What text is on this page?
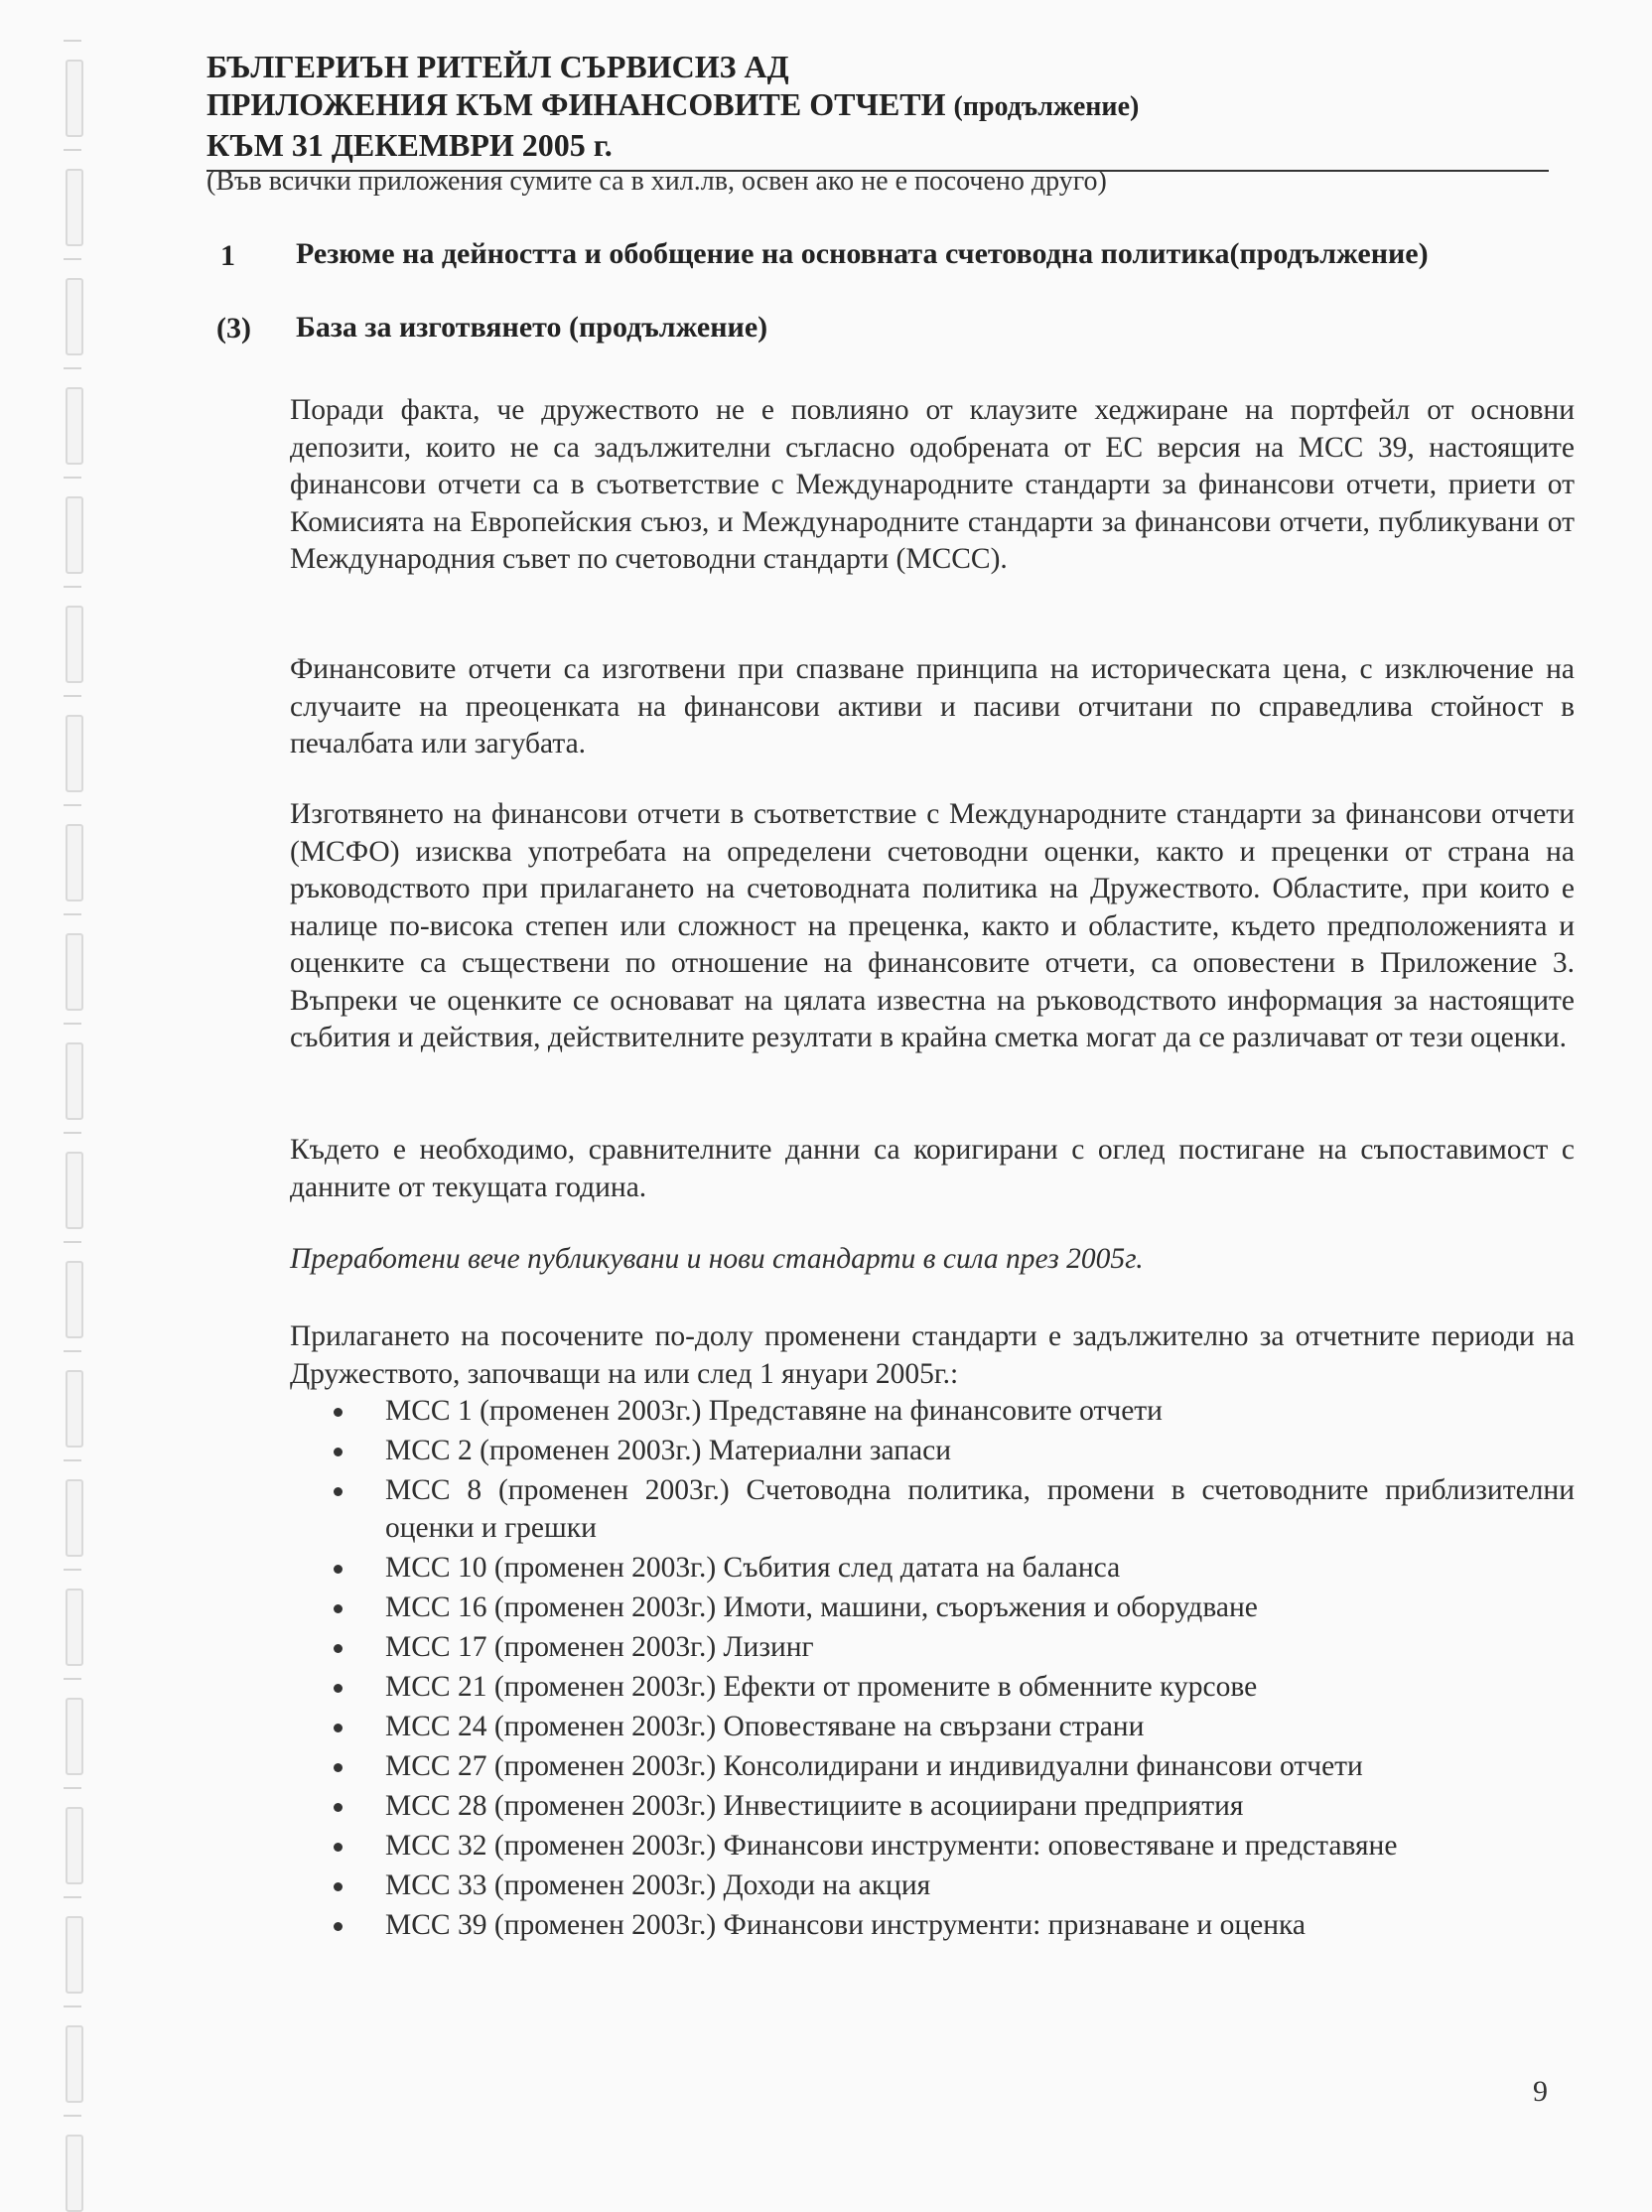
БЪЛГЕРИЪН РИТЕЙЛ СЪРВИСИЗ АД
ПРИЛОЖЕНИЯ КЪМ ФИНАНСОВИТЕ ОТЧЕТИ (продължение)
КЪМ 31 ДЕКЕМВРИ 2005 г.
(Във всички приложения сумите са в хил.лв, освен ако не е посочено друго)
1 Резюме на дейността и обобщение на основната счетоводна политика(продължение)
(3) База за изготвянето (продължение)
Поради факта, че дружеството не е повлияно от клаузите хеджиране на портфейл от основни депозити, които не са задължителни съгласно одобрената от ЕС версия на МСС 39, настоящите финансови отчети са в съответствие с Международните стандарти за финансови отчети, приети от Комисията на Европейския съюз, и Международните стандарти за финансови отчети, публикувани от Международния съвет по счетоводни стандарти (МССС).
Финансовите отчети са изготвени при спазване принципа на историческата цена, с изключение на случаите на преоценката на финансови активи и пасиви отчитани по справедлива стойност в печалбата или загубата.
Изготвянето на финансови отчети в съответствие с Международните стандарти за финансови отчети (МСФО) изисква употребата на определени счетоводни оценки, както и преценки от страна на ръководството при прилагането на счетоводната политика на Дружеството. Областите, при които е налице по-висока степен или сложност на преценка, както и областите, където предположенията и оценките са съществени по отношение на финансовите отчети, са оповестени в Приложение 3. Въпреки че оценките се основават на цялата известна на ръководството информация за настоящите събития и действия, действителните резултати в крайна сметка могат да се различават от тези оценки.
Където е необходимо, сравнителните данни са коригирани с оглед постигане на съпоставимост с данните от текущата година.
Преработени вече публикувани и нови стандарти в сила през 2005г.
Прилагането на посочените по-долу променени стандарти е задължително за отчетните периоди на Дружеството, започващи на или след 1 януари 2005г.:
МСС 1 (променен 2003г.) Представяне на финансовите отчети
МСС 2 (променен 2003г.) Материални запаси
МСС 8 (променен 2003г.) Счетоводна политика, промени в счетоводните приблизителни оценки и грешки
МСС 10 (променен 2003г.) Събития след датата на баланса
МСС 16 (променен 2003г.) Имоти, машини, съоръжения и оборудване
МСС 17 (променен 2003г.) Лизинг
МСС 21 (променен 2003г.) Ефекти от промените в обменните курсове
МСС 24 (променен 2003г.) Оповестяване на свързани страни
МСС 27 (променен 2003г.) Консолидирани и индивидуални финансови отчети
МСС 28 (променен 2003г.) Инвестициите в асоциирани предприятия
МСС 32 (променен 2003г.) Финансови инструменти: оповестяване и представяне
МСС 33 (променен 2003г.) Доходи на акция
МСС 39 (променен 2003г.) Финансови инструменти: признаване и оценка
9
